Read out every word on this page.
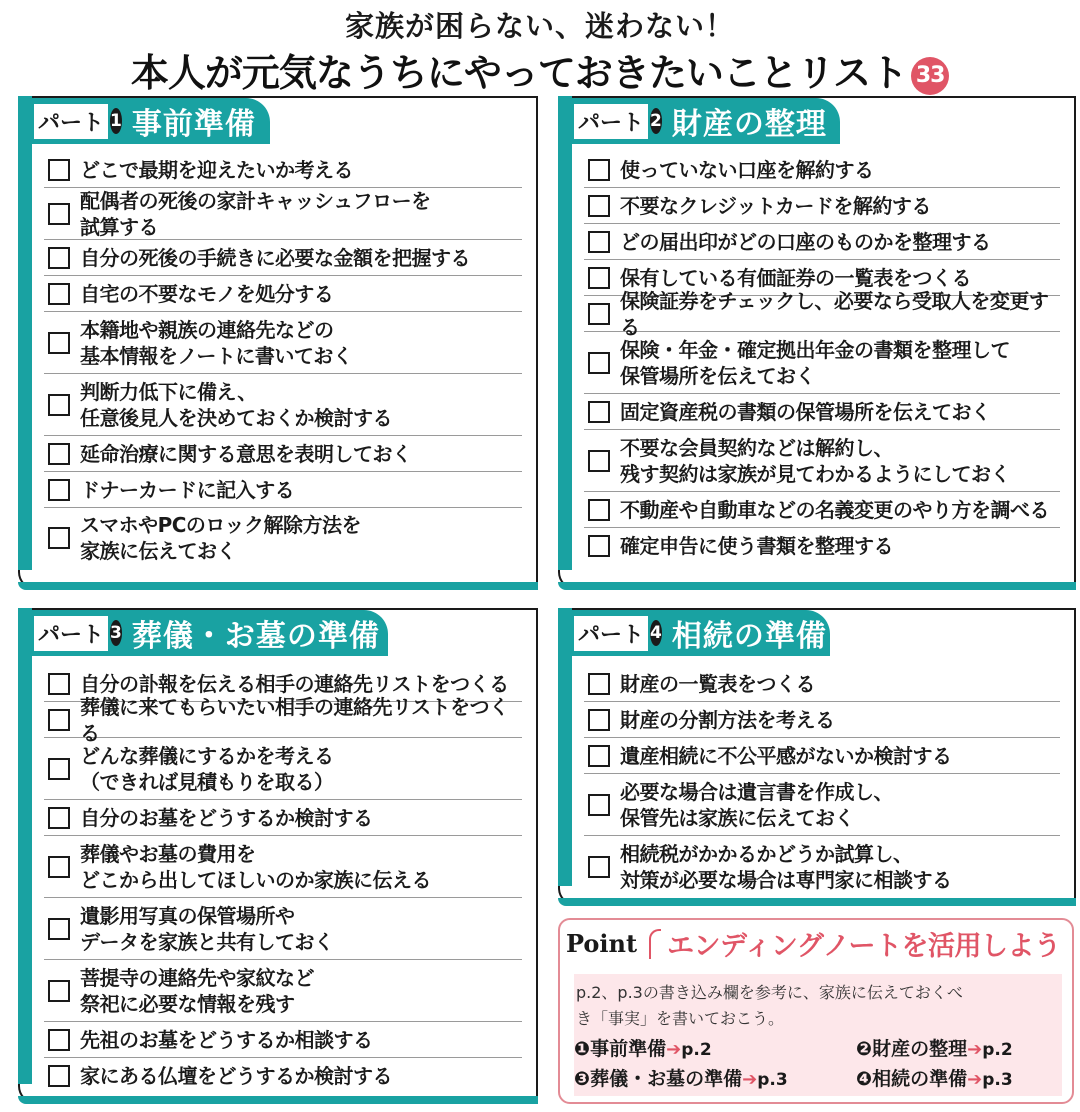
家族が困らない、迷わない！
本人が元気なうちにやっておきたいことリスト 33
パート 1 事前準備
どこで最期を迎えたいか考える
配偶者の死後の家計キャッシュフローを
試算する
自分の死後の手続きに必要な金額を把握する
自宅の不要なモノを処分する
本籍地や親族の連絡先などの
基本情報をノートに書いておく
判断力低下に備え、
任意後見人を決めておくか検討する
延命治療に関する意思を表明しておく
ドナーカードに記入する
スマホやPCのロック解除方法を
家族に伝えておく
パート 2 財産の整理
使っていない口座を解約する
不要なクレジットカードを解約する
どの届出印がどの口座のものかを整理する
保有している有価証券の一覧表をつくる
保険証券をチェックし、必要なら受取人を変更する
保険・年金・確定拠出年金の書類を整理して
保管場所を伝えておく
固定資産税の書類の保管場所を伝えておく
不要な会員契約などは解約し、
残す契約は家族が見てわかるようにしておく
不動産や自動車などの名義変更のやり方を調べる
確定申告に使う書類を整理する
パート 3 葬儀・お墓の準備
自分の訃報を伝える相手の連絡先リストをつくる
葬儀に来てもらいたい相手の連絡先リストをつくる
どんな葬儀にするかを考える
（できれば見積もりを取る）
自分のお墓をどうするか検討する
葬儀やお墓の費用を
どこから出してほしいのか家族に伝える
遺影用写真の保管場所や
データを家族と共有しておく
菩提寺の連絡先や家紋など
祭祀に必要な情報を残す
先祖のお墓をどうするか相談する
家にある仏壇をどうするか検討する
パート 4 相続の準備
財産の一覧表をつくる
財産の分割方法を考える
遺産相続に不公平感がないか検討する
必要な場合は遺言書を作成し、
保管先は家族に伝えておく
相続税がかかるかどうか試算し、
対策が必要な場合は専門家に相談する
Point	エンディングノートを活用しよう
p.2、p.3の書き込み欄を参考に、家族に伝えておくべ
き「事実」を書いておこう。
❶事前準備➔p.2	❷財産の整理➔p.2
❸葬儀・お墓の準備➔p.3	❹相続の準備➔p.3
